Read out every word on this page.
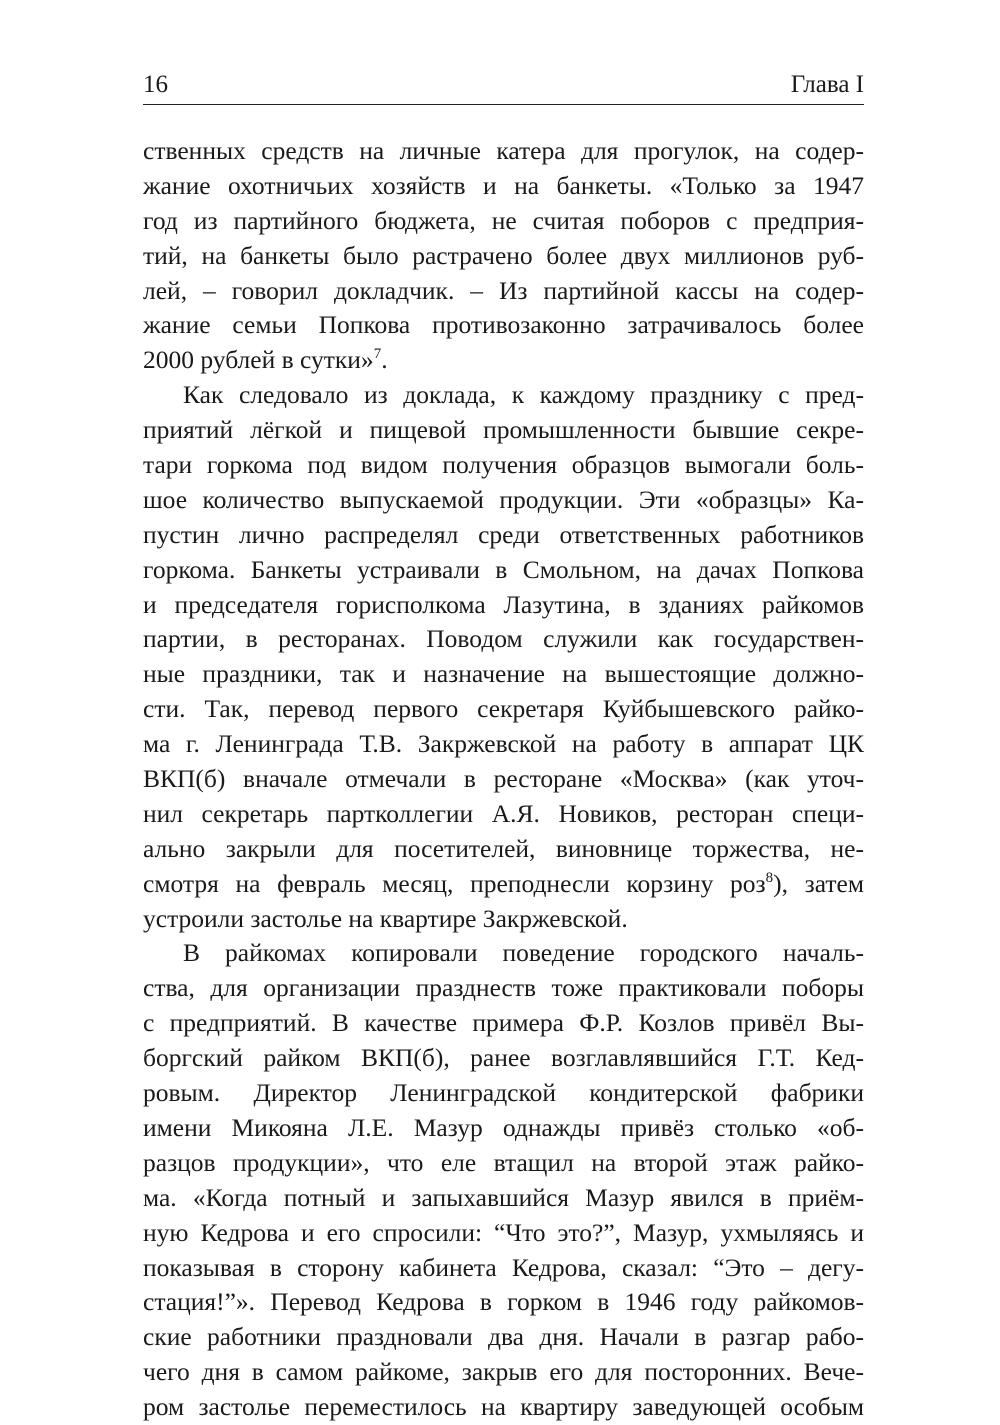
16	Глава I
ственных средств на личные катера для прогулок, на содер-
жание охотничьих хозяйств и на банкеты. «Только за 1947
год из партийного бюджета, не считая поборов с предприя-
тий, на банкеты было растрачено более двух миллионов руб-
лей, – говорил докладчик. – Из партийной кассы на содер-
жание семьи Попкова противозаконно затрачивалось более
2000 рублей в сутки»$^7$.
Как следовало из доклада, к каждому празднику с пред-
приятий лёгкой и пищевой промышленности бывшие секре-
тари горкома под видом получения образцов вымогали боль-
шое количество выпускаемой продукции. Эти «образцы» Ка-
пустин лично распределял среди ответственных работников
горкома. Банкеты устраивали в Смольном, на дачах Попкова
и председателя горисполкома Лазутина, в зданиях райкомов
партии, в ресторанах. Поводом служили как государствен-
ные праздники, так и назначение на вышестоящие должно-
сти. Так, перевод первого секретаря Куйбышевского райко-
ма г. Ленинграда Т.В. Закржевской на работу в аппарат ЦК
ВКП(б) вначале отмечали в ресторане «Москва» (как уточ-
нил секретарь партколлегии А.Я. Новиков, ресторан специ-
ально закрыли для посетителей, виновнице торжества, не-
смотря на февраль месяц, преподнесли корзину роз$^8$), затем
устроили застолье на квартире Закржевской.
В райкомах копировали поведение городского началь-
ства, для организации празднеств тоже практиковали поборы
с предприятий. В качестве примера Ф.Р. Козлов привёл Вы-
боргский райком ВКП(б), ранее возглавлявшийся Г.Т. Кед-
ровым. Директор Ленинградской кондитерской фабрики
имени Микояна Л.Е. Мазур однажды привёз столько «об-
разцов продукции», что еле втащил на второй этаж райко-
ма. «Когда потный и запыхавшийся Мазур явился в приём-
ную Кедрова и его спросили: “Что это?”, Мазур, ухмыляясь и
показывая в сторону кабинета Кедрова, сказал: “Это – дегу-
стация!”». Перевод Кедрова в горком в 1946 году райкомов-
ские работники праздновали два дня. Начали в разгар рабо-
чего дня в самом райкоме, закрыв его для посторонних. Вече-
ром застолье переместилось на квартиру заведующей особым
